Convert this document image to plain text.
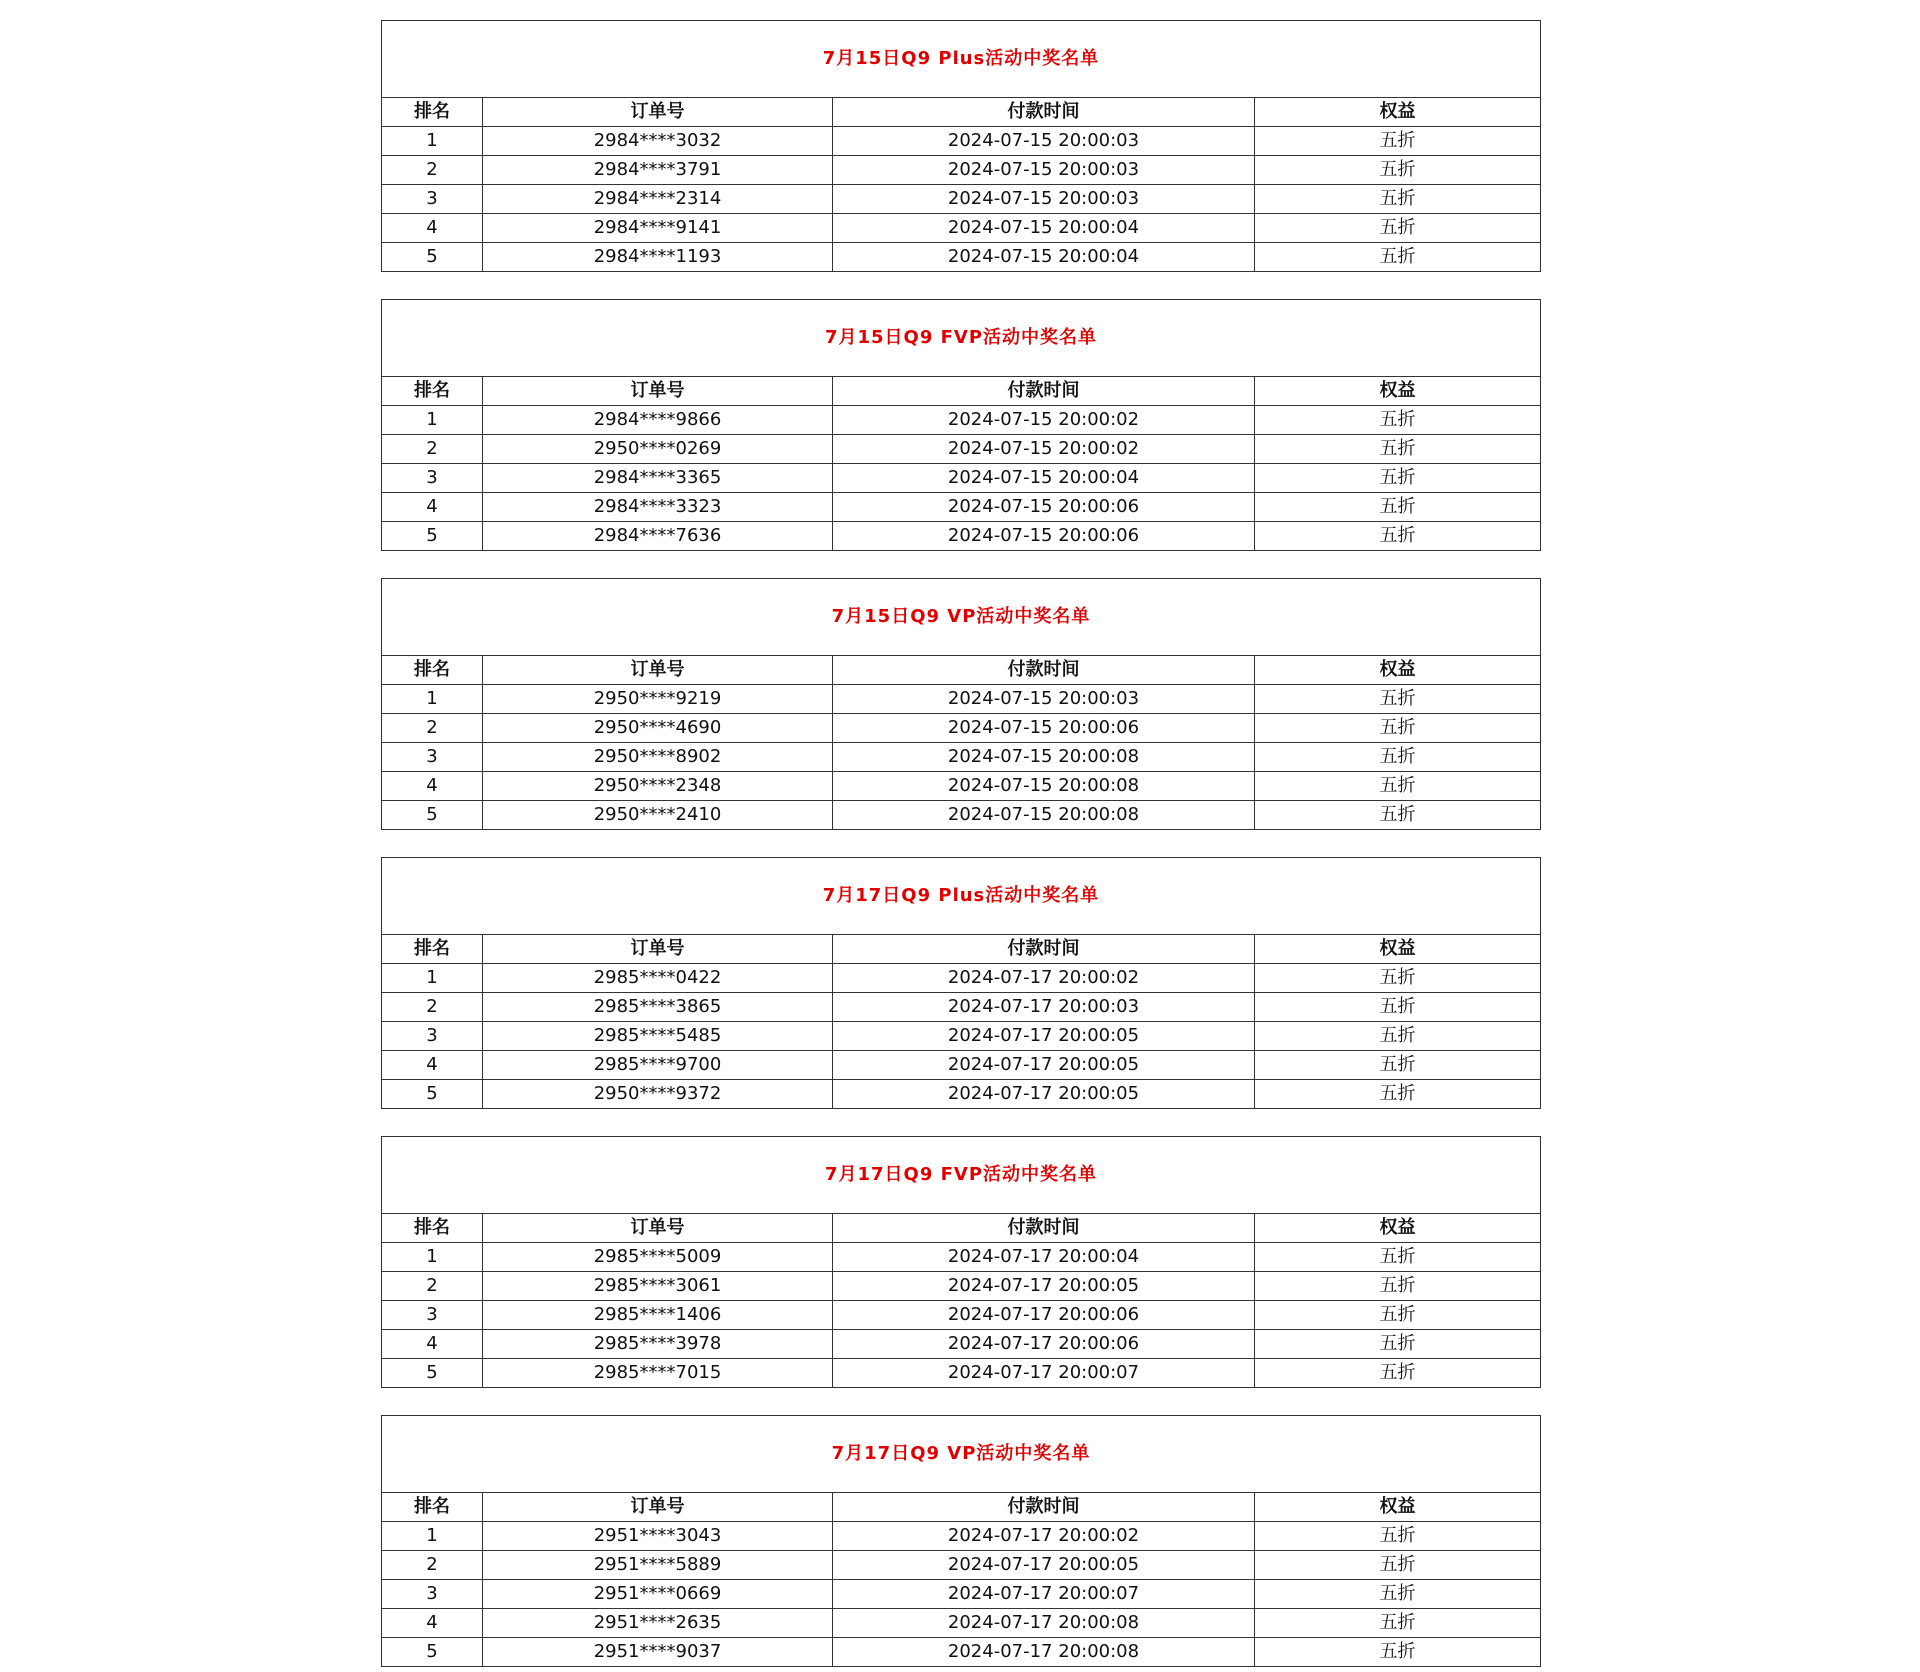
7月15日Q9 Plus活动中奖名单			
排名	订单号	付款时间	权益
1	2984****3032	2024-07-15 20:00:03	五折
2	2984****3791	2024-07-15 20:00:03	五折
3	2984****2314	2024-07-15 20:00:03	五折
4	2984****9141	2024-07-15 20:00:04	五折
5	2984****1193	2024-07-15 20:00:04	五折
7月15日Q9 FVP活动中奖名单			
排名	订单号	付款时间	权益
1	2984****9866	2024-07-15 20:00:02	五折
2	2950****0269	2024-07-15 20:00:02	五折
3	2984****3365	2024-07-15 20:00:04	五折
4	2984****3323	2024-07-15 20:00:06	五折
5	2984****7636	2024-07-15 20:00:06	五折
7月15日Q9 VP活动中奖名单			
排名	订单号	付款时间	权益
1	2950****9219	2024-07-15 20:00:03	五折
2	2950****4690	2024-07-15 20:00:06	五折
3	2950****8902	2024-07-15 20:00:08	五折
4	2950****2348	2024-07-15 20:00:08	五折
5	2950****2410	2024-07-15 20:00:08	五折
7月17日Q9 Plus活动中奖名单			
排名	订单号	付款时间	权益
1	2985****0422	2024-07-17 20:00:02	五折
2	2985****3865	2024-07-17 20:00:03	五折
3	2985****5485	2024-07-17 20:00:05	五折
4	2985****9700	2024-07-17 20:00:05	五折
5	2950****9372	2024-07-17 20:00:05	五折
7月17日Q9 FVP活动中奖名单			
排名	订单号	付款时间	权益
1	2985****5009	2024-07-17 20:00:04	五折
2	2985****3061	2024-07-17 20:00:05	五折
3	2985****1406	2024-07-17 20:00:06	五折
4	2985****3978	2024-07-17 20:00:06	五折
5	2985****7015	2024-07-17 20:00:07	五折
7月17日Q9 VP活动中奖名单			
排名	订单号	付款时间	权益
1	2951****3043	2024-07-17 20:00:02	五折
2	2951****5889	2024-07-17 20:00:05	五折
3	2951****0669	2024-07-17 20:00:07	五折
4	2951****2635	2024-07-17 20:00:08	五折
5	2951****9037	2024-07-17 20:00:08	五折
